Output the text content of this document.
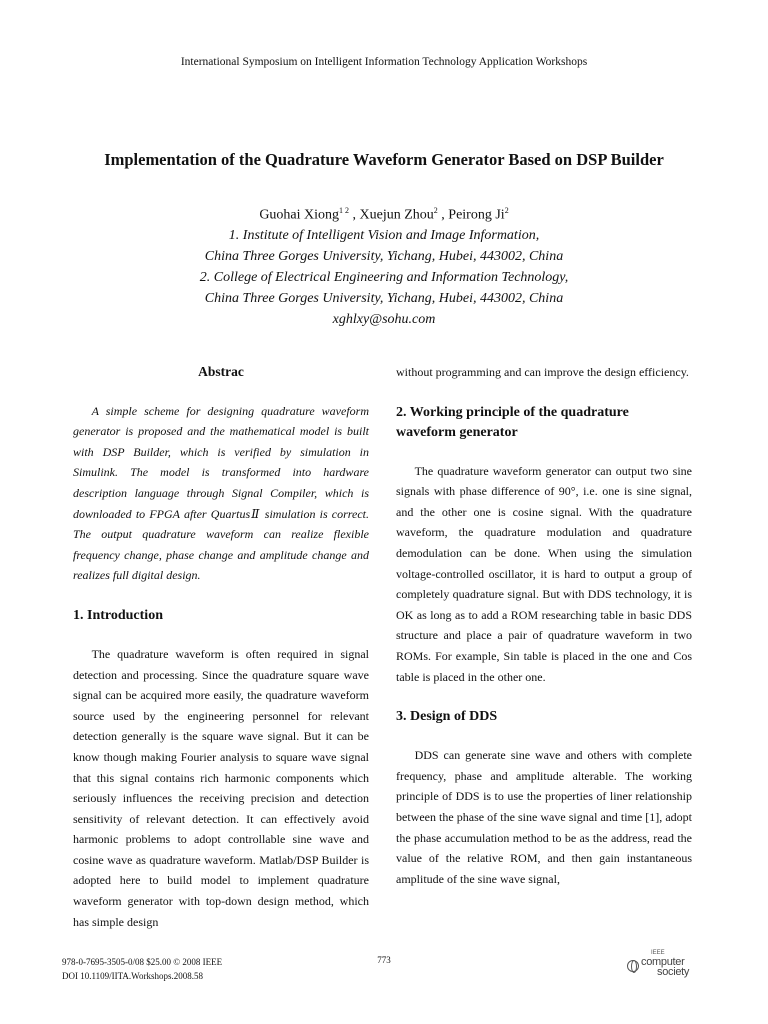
International Symposium on Intelligent Information Technology Application Workshops
Implementation of the Quadrature Waveform Generator Based on DSP Builder
Guohai Xiong$^{1 2}$ , Xuejun Zhou$^2$ , Peirong Ji$^2$
1. Institute of Intelligent Vision and Image Information,
China Three Gorges University, Yichang, Hubei, 443002, China
2. College of Electrical Engineering and Information Technology,
China Three Gorges University, Yichang, Hubei, 443002, China
xghlxy@sohu.com
Abstrac

A simple scheme for designing quadrature waveform generator is proposed and the mathematical model is built with DSP Builder, which is verified by simulation in Simulink. The model is transformed into hardware description language through Signal Compiler, which is downloaded to FPGA after QuartusⅡ simulation is correct. The output quadrature waveform can realize flexible frequency change, phase change and amplitude change and realizes full digital design.

1. Introduction

The quadrature waveform is often required in signal detection and processing. Since the quadrature square wave signal can be acquired more easily, the quadrature waveform source used by the engineering personnel for relevant detection generally is the square wave signal. But it can be know though making Fourier analysis to square wave signal that this signal contains rich harmonic components which seriously influences the receiving precision and detection sensitivity of relevant detection. It can effectively avoid harmonic problems to adopt controllable sine wave and cosine wave as quadrature waveform. Matlab/DSP Builder is adopted here to build model to implement quadrature waveform generator with top-down design method, which has simple design

without programming and can improve the design efficiency.

2. Working principle of the quadrature waveform generator

The quadrature waveform generator can output two sine signals with phase difference of 90°, i.e. one is sine signal, and the other one is cosine signal. With the quadrature waveform, the quadrature modulation and quadrature demodulation can be done. When using the simulation voltage-controlled oscillator, it is hard to output a group of completely quadrature signal. But with DDS technology, it is OK as long as to add a ROM researching table in basic DDS structure and place a pair of quadrature waveform in two ROMs. For example, Sin table is placed in the one and Cos table is placed in the other one.

3. Design of DDS

DDS can generate sine wave and others with complete frequency, phase and amplitude alterable. The working principle of DDS is to use the properties of liner relationship between the phase of the sine wave signal and time [1], adopt the phase accumulation method to be as the address, read the value of the relative ROM, and then gain instantaneous amplitude of the sine wave signal,

978-0-7695-3505-0/08 $25.00 © 2008 IEEE
DOI 10.1109/IITA.Workshops.2008.58
773
IEEE
computer
society
